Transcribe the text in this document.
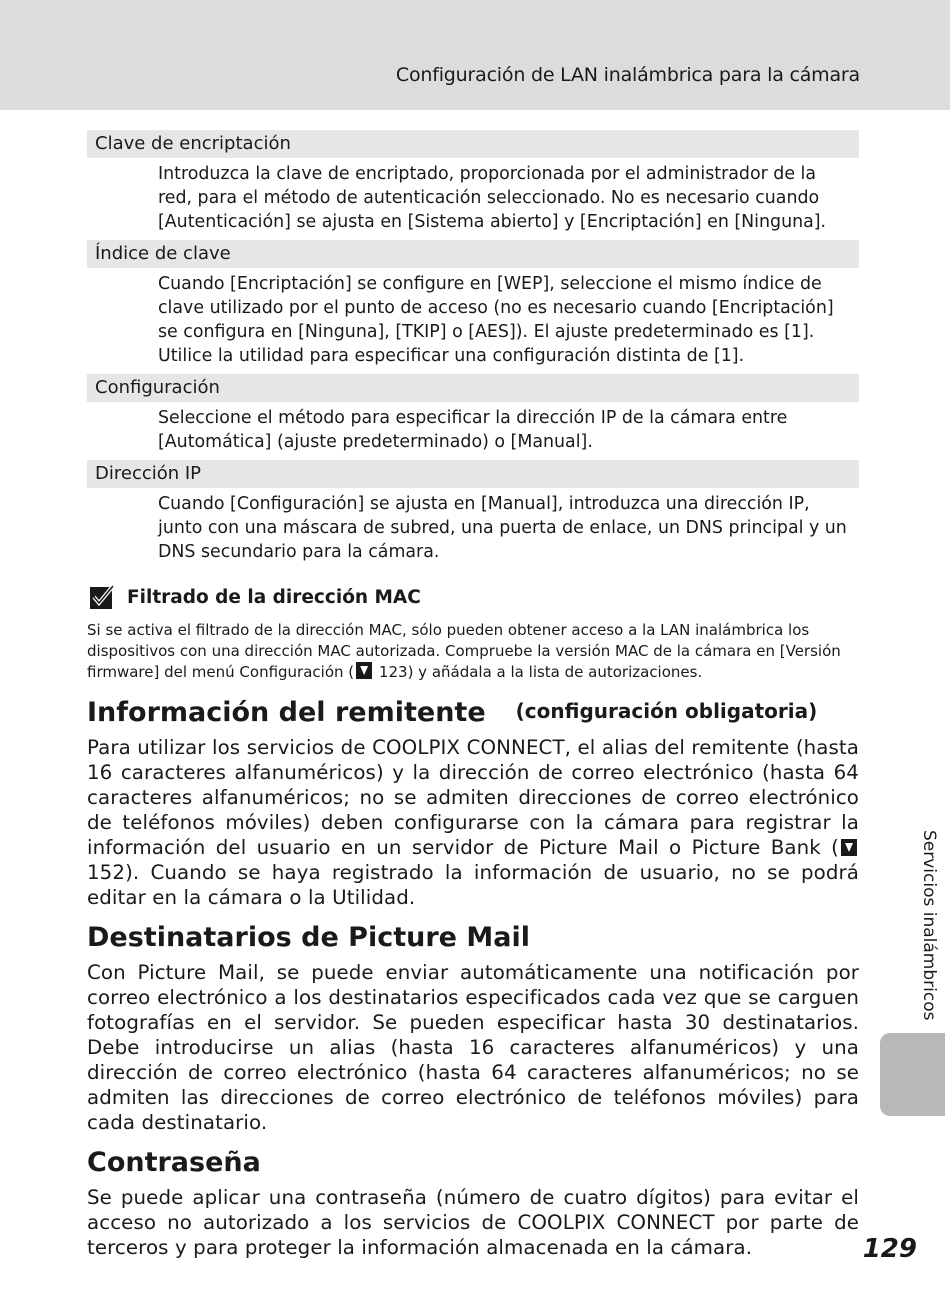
Configuración de LAN inalámbrica para la cámara
Clave de encriptación

Introduzca la clave de encriptado, proporcionada por el administrador de la red, para el método de autenticación seleccionado. No es necesario cuando [Autenticación] se ajusta en [Sistema abierto] y [Encriptación] en [Ninguna].

Índice de clave

Cuando [Encriptación] se configure en [WEP], seleccione el mismo índice de clave utilizado por el punto de acceso (no es necesario cuando [Encriptación] se configura en [Ninguna], [TKIP] o [AES]). El ajuste predeterminado es [1]. Utilice la utilidad para especificar una configuración distinta de [1].

Configuración

Seleccione el método para especificar la dirección IP de la cámara entre [Automática] (ajuste predeterminado) o [Manual].

Dirección IP

Cuando [Configuración] se ajusta en [Manual], introduzca una dirección IP, junto con una máscara de subred, una puerta de enlace, un DNS principal y un DNS secundario para la cámara.

Filtrado de la dirección MAC

Si se activa el filtrado de la dirección MAC, sólo pueden obtener acceso a la LAN inalámbrica los dispositivos con una dirección MAC autorizada. Compruebe la versión MAC de la cámara en [Versión firmware] del menú Configuración ( 123) y añádala a la lista de autorizaciones.

Información del remitente (configuración obligatoria)

Para utilizar los servicios de COOLPIX CONNECT, el alias del remitente (hasta 16 caracteres alfanuméricos) y la dirección de correo electrónico (hasta 64 caracteres alfanuméricos; no se admiten direcciones de correo electrónico de teléfonos móviles) deben configurarse con la cámara para registrar la información del usuario en un servidor de Picture Mail o Picture Bank ( 152). Cuando se haya registrado la información de usuario, no se podrá editar en la cámara o la Utilidad.

Destinatarios de Picture Mail

Con Picture Mail, se puede enviar automáticamente una notificación por correo electrónico a los destinatarios especificados cada vez que se carguen fotografías en el servidor. Se pueden especificar hasta 30 destinatarios. Debe introducirse un alias (hasta 16 caracteres alfanuméricos) y una dirección de correo electrónico (hasta 64 caracteres alfanuméricos; no se admiten las direcciones de correo electrónico de teléfonos móviles) para cada destinatario.

Contraseña

Se puede aplicar una contraseña (número de cuatro dígitos) para evitar el acceso no autorizado a los servicios de COOLPIX CONNECT por parte de terceros y para proteger la información almacenada en la cámara.

Servicios inalámbricos
129
